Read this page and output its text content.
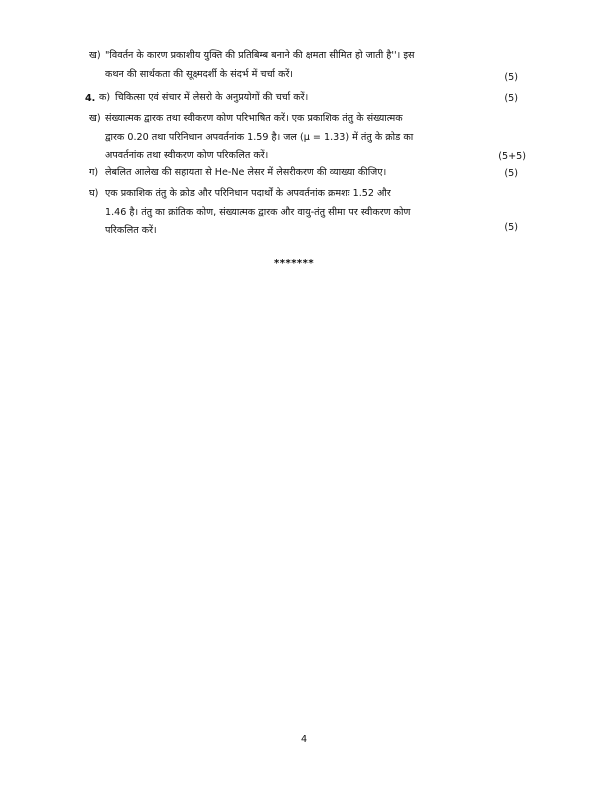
ख) "विवर्तन के कारण प्रकाशीय युक्ति की प्रतिबिम्ब बनाने की क्षमता सीमित हो जाती है''। इस
कथन की सार्थकता की सूक्ष्मदर्शी के संदर्भ में चर्चा करें।	(5)
4. क) चिकित्सा एवं संचार में लेसरो के अनुप्रयोगों की चर्चा करें।	(5)
ख) संख्यात्मक द्वारक तथा स्वीकरण कोण परिभाषित करें। एक प्रकाशिक तंतु के संख्यात्मक
द्वारक 0.20 तथा परिनिधान अपवर्तनांक 1.59 है। जल (μ = 1.33) में तंतु के क्रोड का
अपवर्तनांक तथा स्वीकरण कोण परिकलित करें।	(5+5)
ग) लेबलित आलेख की सहायता से He-Ne लेसर में लेसरीकरण की व्याख्या कीजिए।	(5)
घ) एक प्रकाशिक तंतु के क्रोड और परिनिधान पदार्थों के अपवर्तनांक क्रमशः 1.52 और
1.46 है। तंतु का क्रांतिक कोण, संख्यात्मक द्वारक और वायु-तंतु सीमा पर स्वीकरण कोण
परिकलित करें।	(5)
*******
4
